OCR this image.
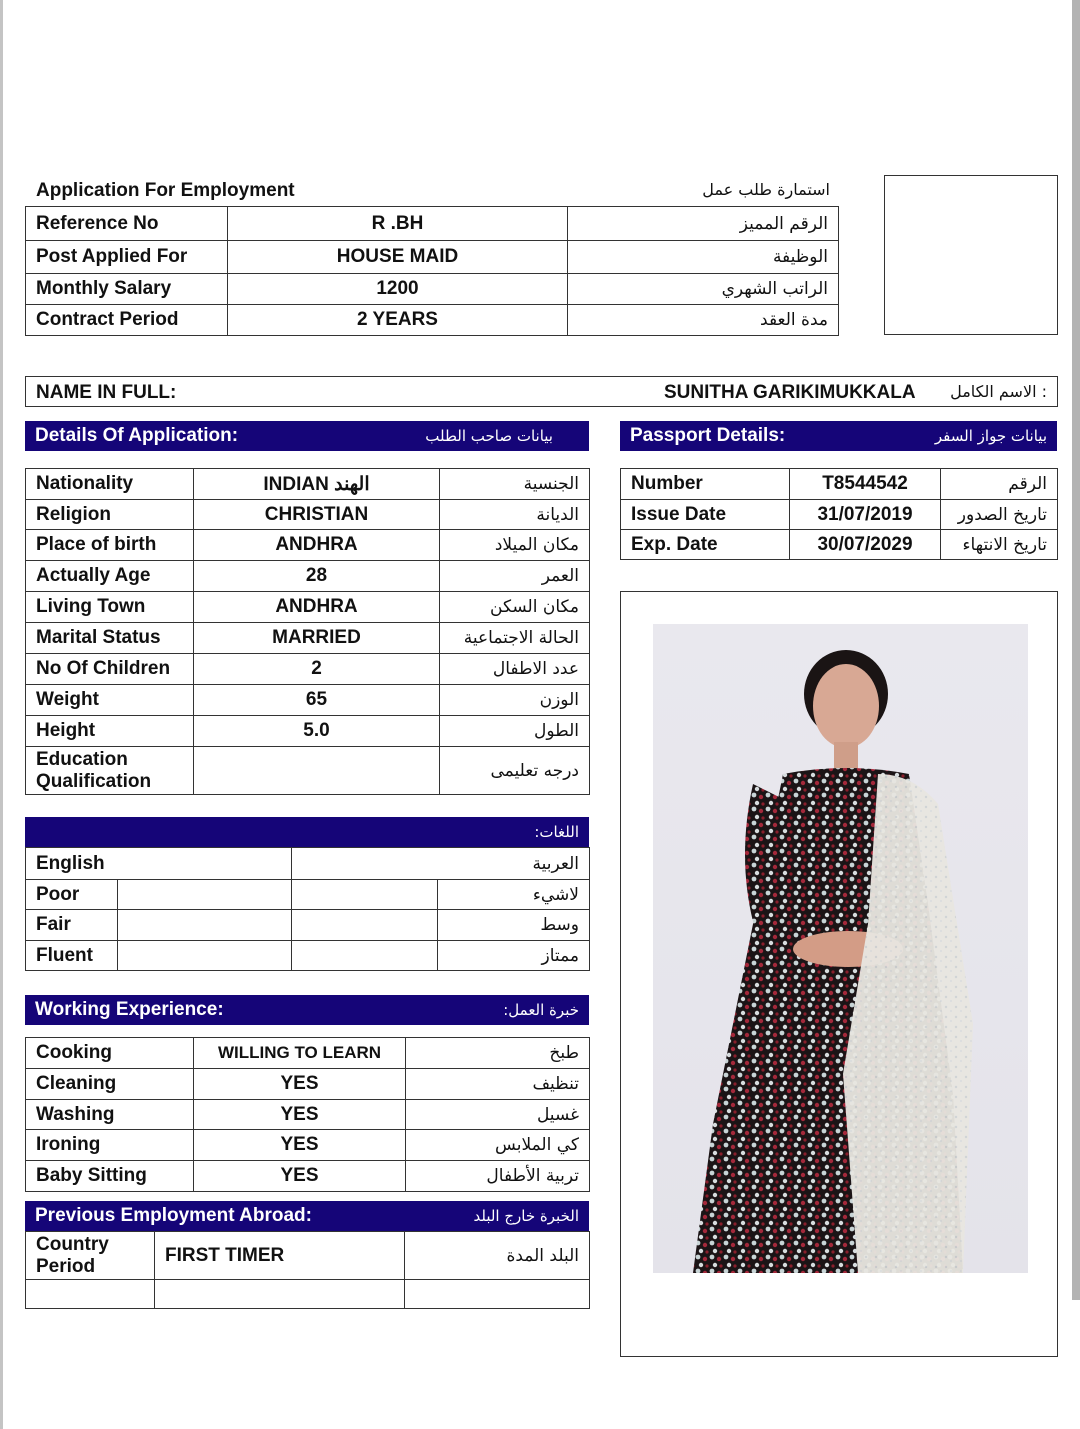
Application For Employment	استمارة طلب عمل
Reference No	R .BH	الرقم المميز
Post Applied For	HOUSE MAID	الوظيفة
Monthly Salary	1200	الراتب الشهري
Contract Period	2 YEARS	مدة العقد
NAME IN FULL:	SUNITHA GARIKIMUKKALA : الاسم الكامل
Details Of Application:	بيانات صاحب الطلب	Passport Details:	بيانات جواز السفر
Nationality	INDIAN الهند	الجنسية
Religion	CHRISTIAN	الديانة
Place of birth	ANDHRA	مكان الميلاد
Actually Age	28	العمر
Living Town	ANDHRA	مكان السكن
Marital Status	MARRIED	الحالة الاجتماعية
No Of Children	2	عدد الاطفال
Weight	65	الوزن
Height	5.0	الطول

Education
Qualification		درجه تعليمى
Number	T8544542	الرقم
Issue Date	31/07/2019	تاريخ الصدور
Exp. Date	30/07/2029	تاريخ الانتهاء
اللغات:
English		العربية	
Poor			لاشيء
Fair			وسط
Fluent			ممتاز
Working Experience:	خبرة العمل:
Cooking	WILLING TO LEARN	طبخ
Cleaning	YES	تنظيف
Washing	YES	غسيل
Ironing	YES	كي الملابس
Baby Sitting	YES	تربية الأطفال
Previous Employment Abroad:	الخبرة خارج البلد
Country
Period	FIRST TIMER	البلد المدة
